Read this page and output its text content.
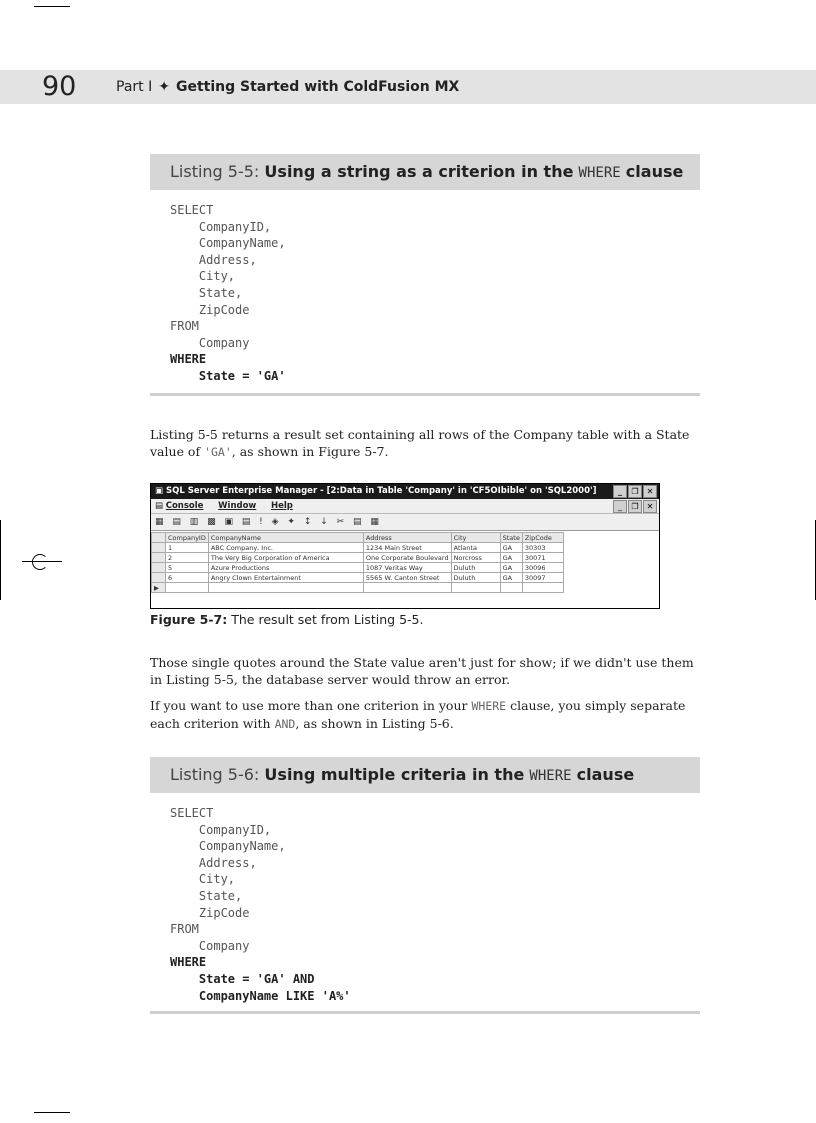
90	Part I ✦ Getting Started with ColdFusion MX
Listing 5-5: Using a string as a criterion in the WHERE clause
SELECT
CompanyID,
CompanyName,
Address,
City,
State,
ZipCode
FROM
Company
WHERE
State = 'GA'

Listing 5-5 returns a result set containing all rows of the Company table with a State value of 'GA', as shown in Figure 5-7.

▣ SQL Server Enterprise Manager - [2:Data in Table 'Company' in 'CF5OIbible' on 'SQL2000']	_ ❐ ✕
▤ Console Window Help	_ ❐ ✕
▦ ▤ ▥ ▩ ▣ ▤ ! ◈ ✦ ↕ ↓ ✂ ▤ ▦
	CompanyID	CompanyName	Address	City	State	ZipCode
	1	ABC Company, Inc.	1234 Main Street	Atlanta	GA	30303
	2	The Very Big Corporation of America	One Corporate Boulevard	Norcross	GA	30071
	5	Azure Productions	1087 Veritas Way	Duluth	GA	30096
	6	Angry Clown Entertainment	5565 W. Canton Street	Duluth	GA	30097
▶						
Figure 5-7: The result set from Listing 5-5.

Those single quotes around the State value aren't just for show; if we didn't use them in Listing 5-5, the database server would throw an error.

If you want to use more than one criterion in your WHERE clause, you simply separate each criterion with AND, as shown in Listing 5-6.

Listing 5-6: Using multiple criteria in the WHERE clause
SELECT
CompanyID,
CompanyName,
Address,
City,
State,
ZipCode
FROM
Company
WHERE
State = 'GA' AND
CompanyName LIKE 'A%'
